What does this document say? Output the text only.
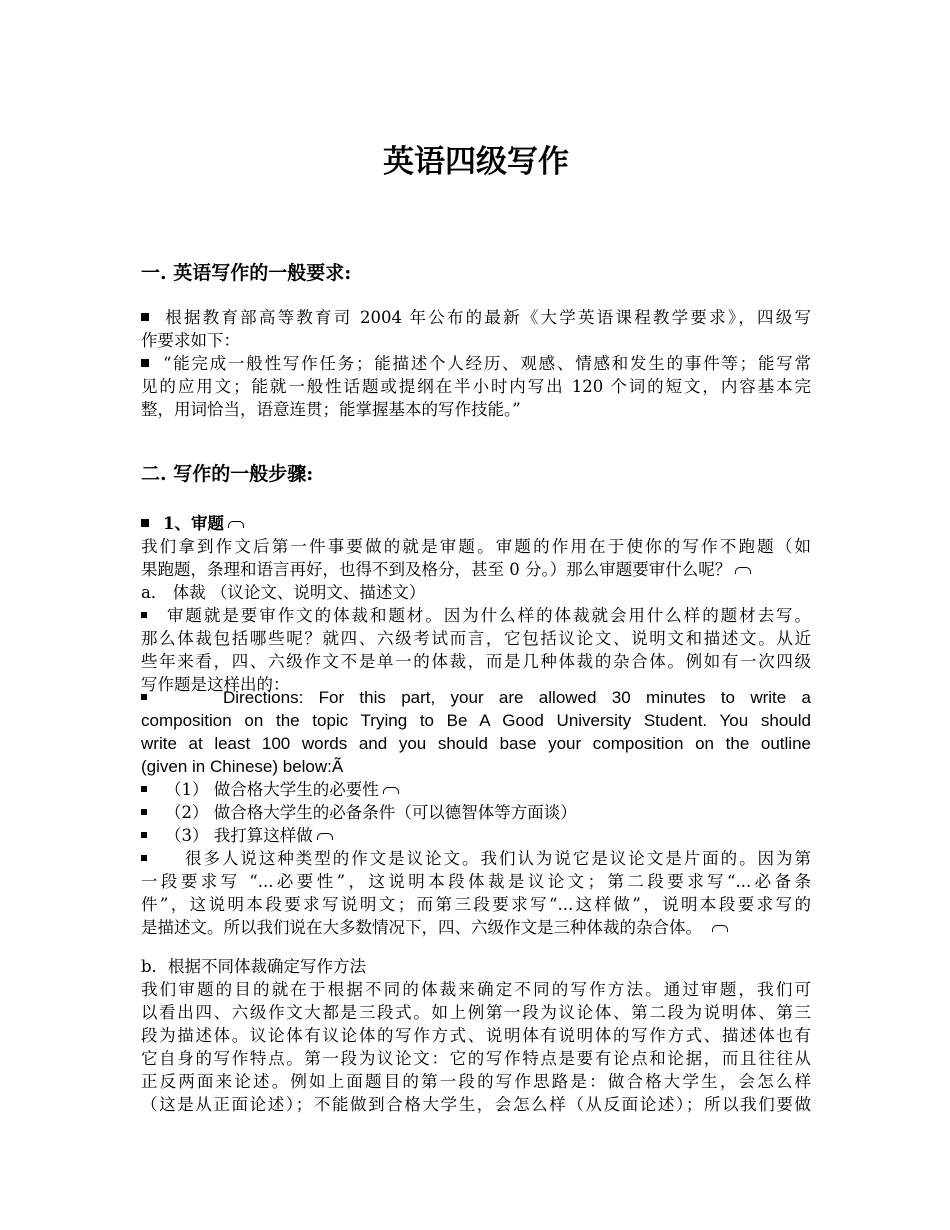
英语四级写作
一. 英语写作的一般要求:
根据教育部高等教育司 2004 年公布的最新《大学英语课程教学要求》，四级写
作要求如下：
“能完成一般性写作任务；能描述个人经历、观感、情感和发生的事件等；能写常
见的应用文；能就一般性话题或提纲在半小时内写出 120 个词的短文，内容基本完
整，用词恰当，语意连贯；能掌握基本的写作技能。”
二. 写作的一般步骤:
1、审题
我们拿到作文后第一件事要做的就是审题。审题的作用在于使你的写作不跑题（如
果跑题，条理和语言再好，也得不到及格分，甚至 0 分。）那么审题要审什么呢？
a． 体裁 （议论文、说明文、描述文）
审题就是要审作文的体裁和题材。因为什么样的体裁就会用什么样的题材去写。
那么体裁包括哪些呢？就四、六级考试而言，它包括议论文、说明文和描述文。从近
些年来看，四、六级作文不是单一的体裁，而是几种体裁的杂合体。例如有一次四级
写作题是这样出的：
Directions: For this part, your are allowed 30 minutes to write a
composition on the topic Trying to Be A Good University Student. You should
write at least 100 words and you should base your composition on the outline
(given in Chinese) below:Ã
（1） 做合格大学生的必要性
（2） 做合格大学生的必备条件（可以德智体等方面谈）
（3） 我打算这样做
很多人说这种类型的作文是议论文。我们认为说它是议论文是片面的。因为第
一段要求写 “...必要性”，这说明本段体裁是议论文；第二段要求写“...必备条
件”，这说明本段要求写说明文；而第三段要求写“...这样做”，说明本段要求写的
是描述文。所以我们说在大多数情况下，四、六级作文是三种体裁的杂合体。
b．根据不同体裁确定写作方法
我们审题的目的就在于根据不同的体裁来确定不同的写作方法。通过审题，我们可
以看出四、六级作文大都是三段式。如上例第一段为议论体、第二段为说明体、第三
段为描述体。议论体有议论体的写作方式、说明体有说明体的写作方式、描述体也有
它自身的写作特点。第一段为议论文：它的写作特点是要有论点和论据，而且往往从
正反两面来论述。例如上面题目的第一段的写作思路是：做合格大学生，会怎么样
（这是从正面论述）；不能做到合格大学生，会怎么样（从反面论述）；所以我们要做
